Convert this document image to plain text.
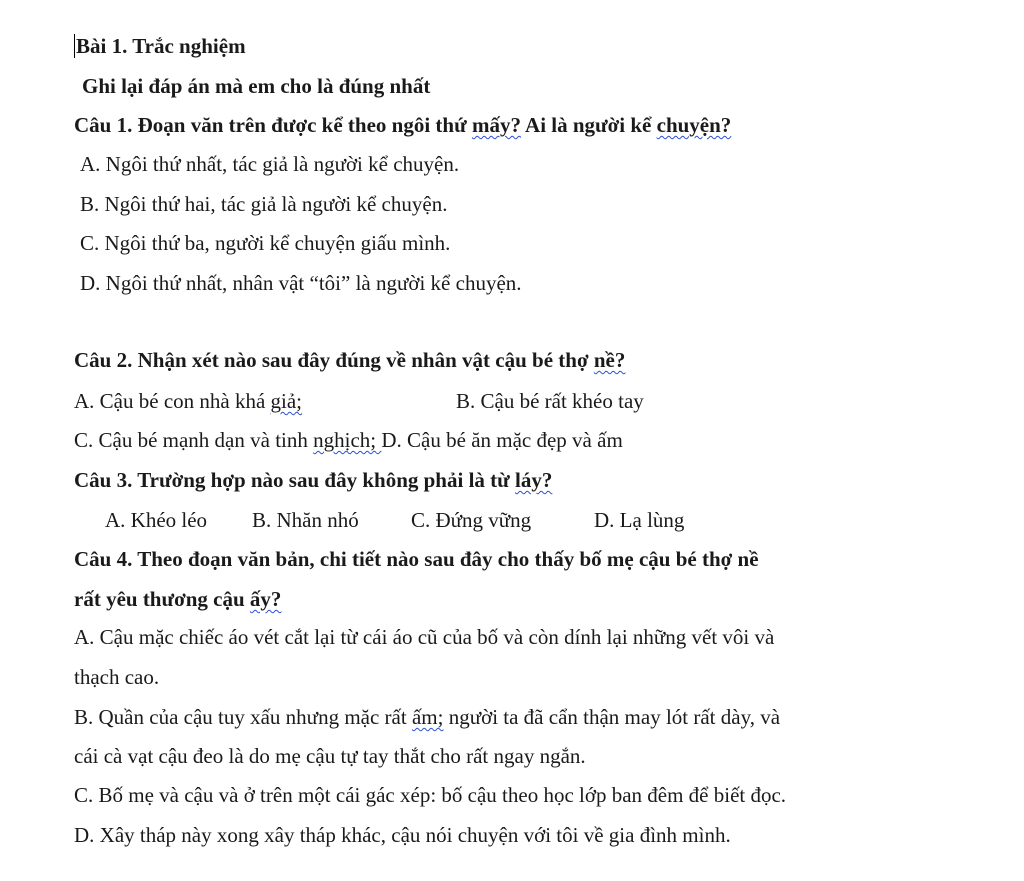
Bài 1. Trắc nghiệm
Ghi lại đáp án mà em cho là đúng nhất
Câu 1. Đoạn văn trên được kể theo ngôi thứ mấy? Ai là người kể chuyện?
A. Ngôi thứ nhất, tác giả là người kể chuyện.
B. Ngôi thứ hai, tác giả là người kể chuyện.
C. Ngôi thứ ba, người kể chuyện giấu mình.
D. Ngôi thứ nhất, nhân vật “tôi” là người kể chuyện.
Câu 2. Nhận xét nào sau đây đúng về nhân vật cậu bé thợ nề?
A. Cậu bé con nhà khá giả;	B. Cậu bé rất khéo tay
C. Cậu bé mạnh dạn và tinh nghịch; D. Cậu bé ăn mặc đẹp và ấm
Câu 3. Trường hợp nào sau đây không phải là từ láy?
A. Khéo léo B. Nhăn nhó C. Đứng vững	D. Lạ lùng
Câu 4. Theo đoạn văn bản, chi tiết nào sau đây cho thấy bố mẹ cậu bé thợ nề
rất yêu thương cậu ấy?
A. Cậu mặc chiếc áo vét cắt lại từ cái áo cũ của bố và còn dính lại những vết vôi và
thạch cao.
B. Quần của cậu tuy xấu nhưng mặc rất ấm; người ta đã cẩn thận may lót rất dày, và
cái cà vạt cậu đeo là do mẹ cậu tự tay thắt cho rất ngay ngắn.
C. Bố mẹ và cậu và ở trên một cái gác xép: bố cậu theo học lớp ban đêm để biết đọc.
D. Xây tháp này xong xây tháp khác, cậu nói chuyện với tôi về gia đình mình.
